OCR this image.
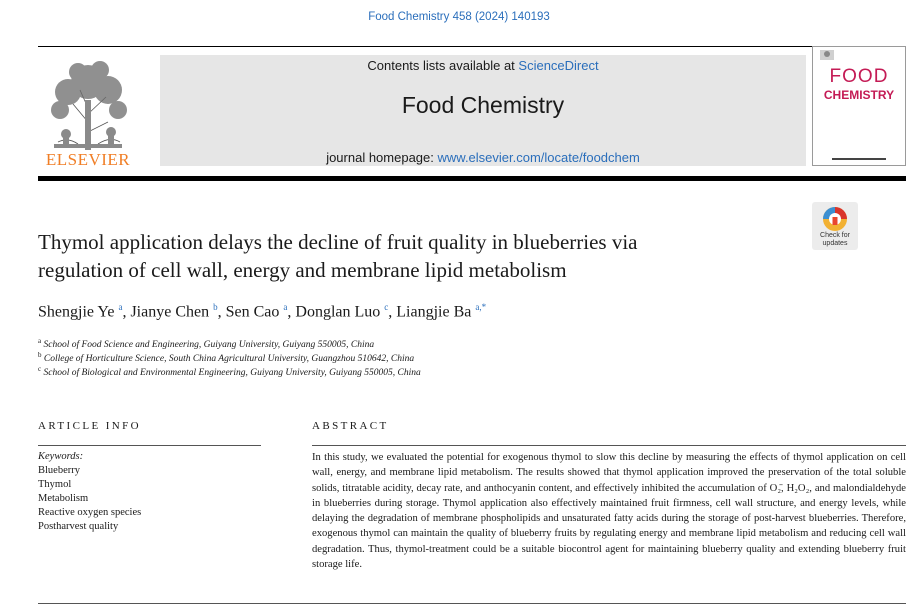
Food Chemistry 458 (2024) 140193
ELSEVIER
Contents lists available at ScienceDirect
Food Chemistry
journal homepage: www.elsevier.com/locate/foodchem
FOOD
CHEMISTRY
Check for
updates
Thymol application delays the decline of fruit quality in blueberries via
regulation of cell wall, energy and membrane lipid metabolism
Shengjie Ye $^a$, Jianye Chen $^b$, Sen Cao $^a$, Donglan Luo $^c$, Liangjie Ba $^{a,*}$
$^a$ School of Food Science and Engineering, Guiyang University, Guiyang 550005, China
$^b$ College of Horticulture Science, South China Agricultural University, Guangzhou 510642, China
$^c$ School of Biological and Environmental Engineering, Guiyang University, Guiyang 550005, China
ARTICLE INFO
Keywords:
Blueberry
Thymol
Metabolism
Reactive oxygen species
Postharvest quality
ABSTRACT
In this study, we evaluated the potential for exogenous thymol to slow this decline by measuring the effects of thymol application on cell wall, energy, and membrane lipid metabolism. The results showed that thymol application improved the preservation of the total soluble solids, titratable acidity, decay rate, and anthocyanin content, and effectively inhibited the accumulation of O₂̄, H₂O₂, and malondialdehyde in blueberries during storage. Thymol application also effectively maintained fruit firmness, cell wall structure, and energy levels, while delaying the degradation of membrane phospholipids and unsaturated fatty acids during the storage of post-harvest blueberries. Therefore, exogenous thymol can maintain the quality of blueberry fruits by regulating energy and membrane lipid metabolism and reducing cell wall degradation. Thus, thymol-treatment could be a suitable biocontrol agent for maintaining blueberry quality and extending blueberry fruit storage life.
